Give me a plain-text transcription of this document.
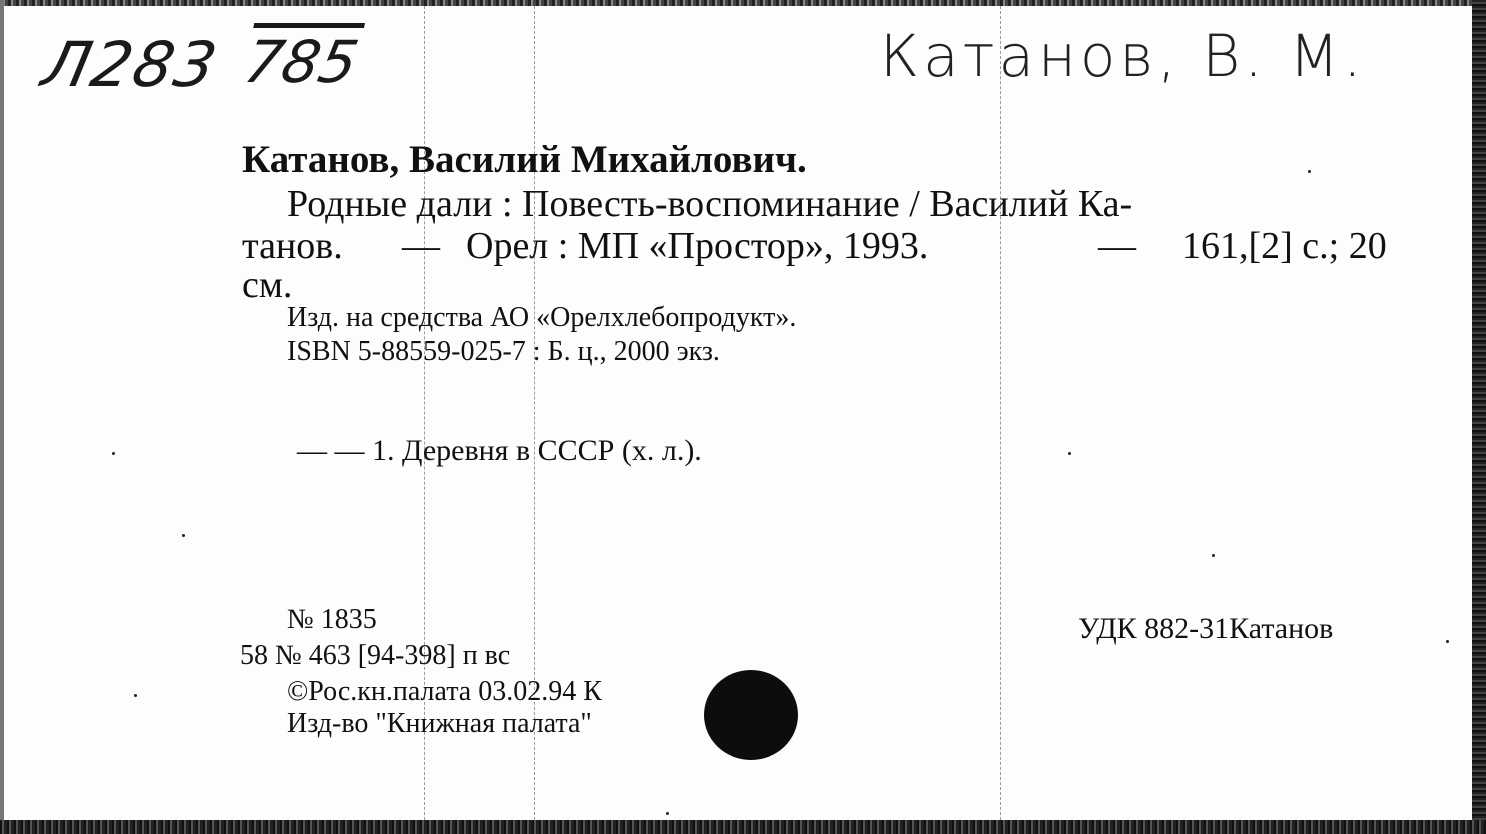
Л283 785	Катанов, В. М.
Катанов, Василий Михайлович.
Родные дали : Повесть-воспоминание / Василий Ка-
танов. — Орел : МП «Простор», 1993.	— 161,[2] с.; 20
см.
Изд. на средства АО «Орелхлебопродукт».
ISBN 5-88559-025-7 : Б. ц., 2000 экз.
— — 1. Деревня в СССР (х. л.).
№ 1835
58 № 463 [94-398] п вс
©Рос.кн.палата 03.02.94 К
Изд-во "Книжная палата"
УДК 882-31Катанов
